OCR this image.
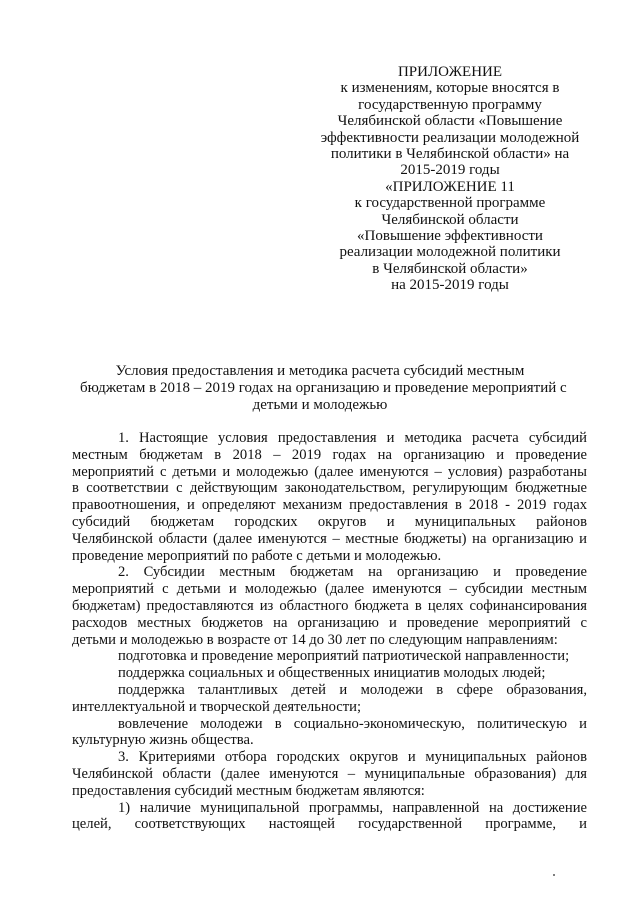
ПРИЛОЖЕНИЕ
к изменениям, которые вносятся в
государственную программу
Челябинской области «Повышение
эффективности реализации молодежной
политики в Челябинской области» на
2015-2019 годы
«ПРИЛОЖЕНИЕ 11
к государственной программе
Челябинской области
«Повышение эффективности
реализации молодежной политики
в Челябинской области»
на 2015-2019 годы
Условия предоставления и методика расчета субсидий местным
бюджетам в 2018 – 2019 годах на организацию и проведение мероприятий с
детьми и молодежью
1. Настоящие условия предоставления и методика расчета субсидий
местным бюджетам в 2018 – 2019 годах на организацию и проведение
мероприятий с детьми и молодежью (далее именуются – условия) разработаны
в соответствии с действующим законодательством, регулирующим бюджетные
правоотношения, и определяют механизм предоставления в 2018 - 2019 годах
субсидий бюджетам городских округов и муниципальных районов
Челябинской области (далее именуются – местные бюджеты) на организацию и
проведение мероприятий по работе с детьми и молодежью.
2. Субсидии местным бюджетам на организацию и проведение
мероприятий с детьми и молодежью (далее именуются – субсидии местным
бюджетам) предоставляются из областного бюджета в целях софинансирования
расходов местных бюджетов на организацию и проведение мероприятий с
детьми и молодежью в возрасте от 14 до 30 лет по следующим направлениям:
подготовка и проведение мероприятий патриотической направленности;
поддержка социальных и общественных инициатив молодых людей;
поддержка талантливых детей и молодежи в сфере образования,
интеллектуальной и творческой деятельности;
вовлечение молодежи в социально-экономическую, политическую и
культурную жизнь общества.
3. Критериями отбора городских округов и муниципальных районов
Челябинской области (далее именуются – муниципальные образования) для
предоставления субсидий местным бюджетам являются:
1) наличие муниципальной программы, направленной на достижение
целей, соответствующих настоящей государственной программе, и
